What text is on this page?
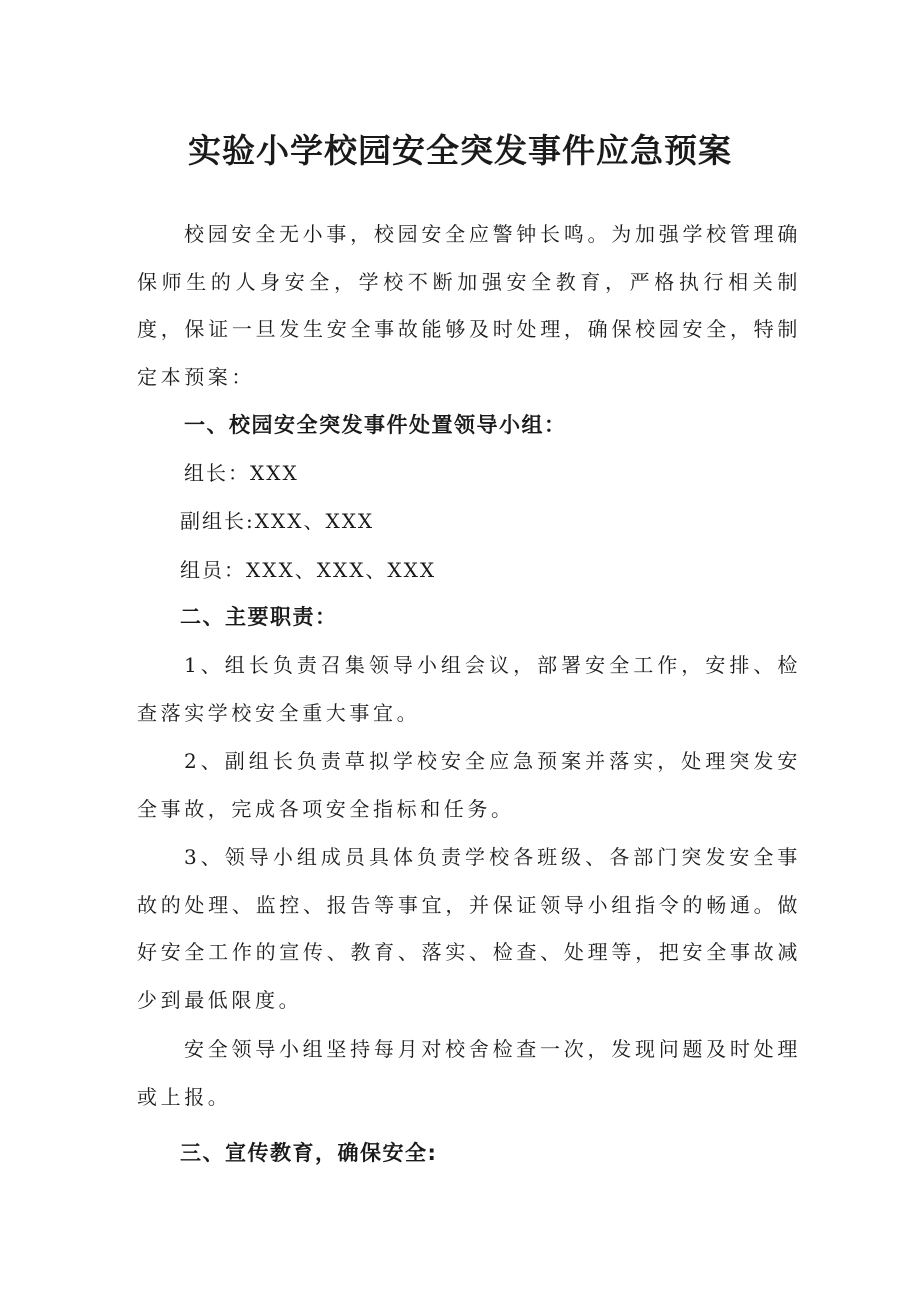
实验小学校园安全突发事件应急预案

校园安全无小事，校园安全应警钟长鸣。为加强学校管理确保师生的人身安全，学校不断加强安全教育，严格执行相关制度，保证一旦发生安全事故能够及时处理，确保校园安全，特制定本预案：

一、校园安全突发事件处置领导小组：

组长：XXX

副组长:XXX、XXX

组员：XXX、XXX、XXX

二、主要职责：

1、组长负责召集领导小组会议，部署安全工作，安排、检查落实学校安全重大事宜。

2、副组长负责草拟学校安全应急预案并落实，处理突发安全事故，完成各项安全指标和任务。

3、领导小组成员具体负责学校各班级、各部门突发安全事故的处理、监控、报告等事宜，并保证领导小组指令的畅通。做好安全工作的宣传、教育、落实、检查、处理等，把安全事故减少到最低限度。

安全领导小组坚持每月对校舍检查一次，发现问题及时处理或上报。

三、宣传教育，确保安全:
